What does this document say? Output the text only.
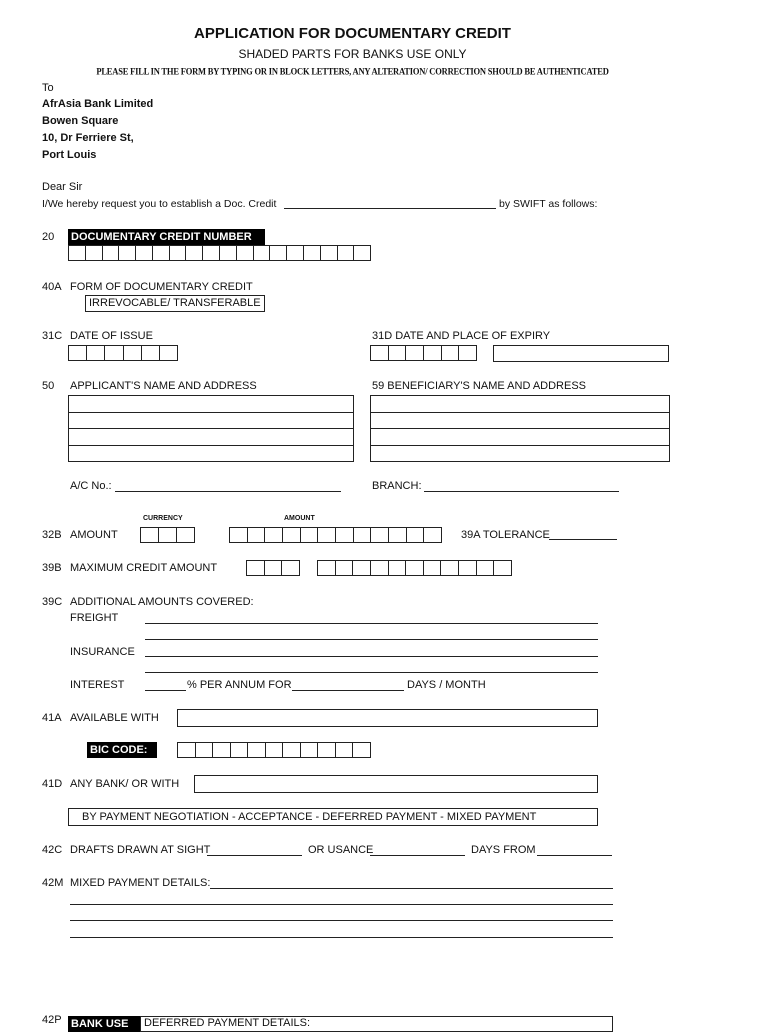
APPLICATION FOR DOCUMENTARY CREDIT
SHADED PARTS FOR BANKS USE ONLY
PLEASE FILL IN THE FORM BY TYPING OR IN BLOCK LETTERS, ANY ALTERATION/ CORRECTION SHOULD BE AUTHENTICATED
To
AfrAsia Bank Limited
Bowen Square
10, Dr Ferriere St,
Port Louis
Dear Sir
I/We hereby request you to establish a Doc. Credit	by SWIFT as follows:
20 DOCUMENTARY CREDIT NUMBER
40A FORM OF DOCUMENTARY CREDIT
IRREVOCABLE/ TRANSFERABLE
31C DATE OF ISSUE	31D DATE AND PLACE OF EXPIRY
50 APPLICANT'S NAME AND ADDRESS	59 BENEFICIARY'S NAME AND ADDRESS
A/C No.:	BRANCH:
CURRENCY	AMOUNT
32B AMOUNT	39A TOLERANCE
39B MAXIMUM CREDIT AMOUNT
39C ADDITIONAL AMOUNTS COVERED:
FREIGHT
INSURANCE
INTEREST	% PER ANNUM FOR	DAYS / MONTH
41A AVAILABLE WITH
BIC CODE:
41D ANY BANK/ OR WITH
BY PAYMENT NEGOTIATION - ACCEPTANCE - DEFERRED PAYMENT - MIXED PAYMENT
42C DRAFTS DRAWN AT SIGHT	OR USANCE	DAYS FROM
42M MIXED PAYMENT DETAILS:
42P BANK USE	DEFERRED PAYMENT DETAILS:
